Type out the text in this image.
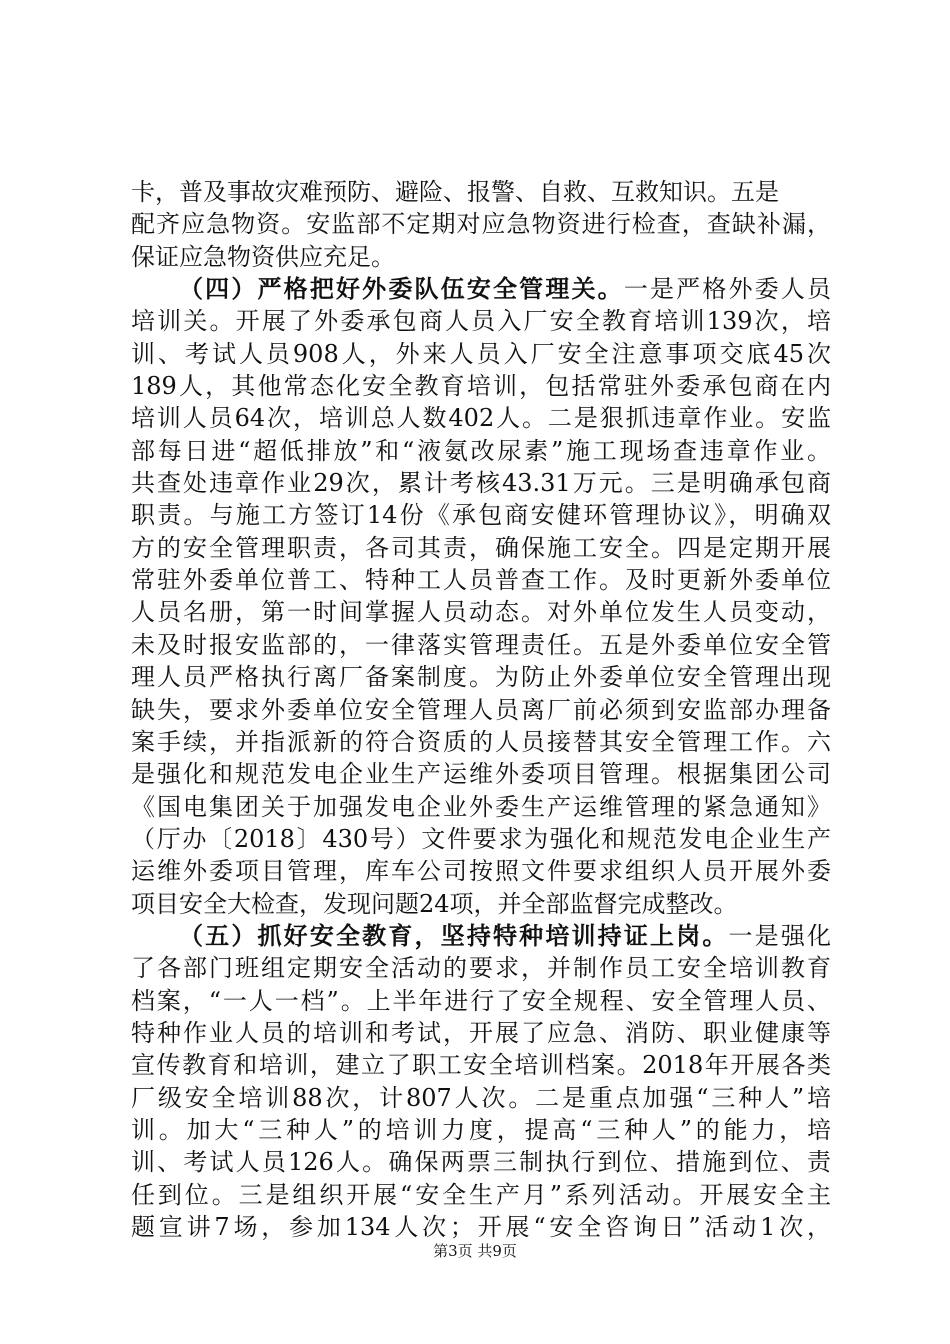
卡，普及事故灾难预防、避险、报警、自救、互救知识。五是
配齐应急物资。安监部不定期对应急物资进行检查，查缺补漏，
保证应急物资供应充足。
（四）严格把好外委队伍安全管理关。一是严格外委人员
培训关。开展了外委承包商人员入厂安全教育培训139次，培
训、考试人员908人，外来人员入厂安全注意事项交底45次
189人，其他常态化安全教育培训，包括常驻外委承包商在内
培训人员64次，培训总人数402人。二是狠抓违章作业。安监
部每日进“超低排放”和“液氨改尿素”施工现场查违章作业。
共查处违章作业29次，累计考核43.31万元。三是明确承包商
职责。与施工方签订14份《承包商安健环管理协议》，明确双
方的安全管理职责，各司其责，确保施工安全。四是定期开展
常驻外委单位普工、特种工人员普查工作。及时更新外委单位
人员名册，第一时间掌握人员动态。对外单位发生人员变动，
未及时报安监部的，一律落实管理责任。五是外委单位安全管
理人员严格执行离厂备案制度。为防止外委单位安全管理出现
缺失，要求外委单位安全管理人员离厂前必须到安监部办理备
案手续，并指派新的符合资质的人员接替其安全管理工作。六
是强化和规范发电企业生产运维外委项目管理。根据集团公司
《国电集团关于加强发电企业外委生产运维管理的紧急通知》
（厅办〔2018〕430号）文件要求为强化和规范发电企业生产
运维外委项目管理，库车公司按照文件要求组织人员开展外委
项目安全大检查，发现问题24项，并全部监督完成整改。
（五）抓好安全教育，坚持特种培训持证上岗。一是强化
了各部门班组定期安全活动的要求，并制作员工安全培训教育
档案，“一人一档”。上半年进行了安全规程、安全管理人员、
特种作业人员的培训和考试，开展了应急、消防、职业健康等
宣传教育和培训，建立了职工安全培训档案。2018年开展各类
厂级安全培训88次，计807人次。二是重点加强“三种人”培
训。加大“三种人”的培训力度，提高“三种人”的能力，培
训、考试人员126人。确保两票三制执行到位、措施到位、责
任到位。三是组织开展“安全生产月”系列活动。开展安全主
题宣讲7场，参加134人次；开展“安全咨询日”活动1次，
第3页 共9页
